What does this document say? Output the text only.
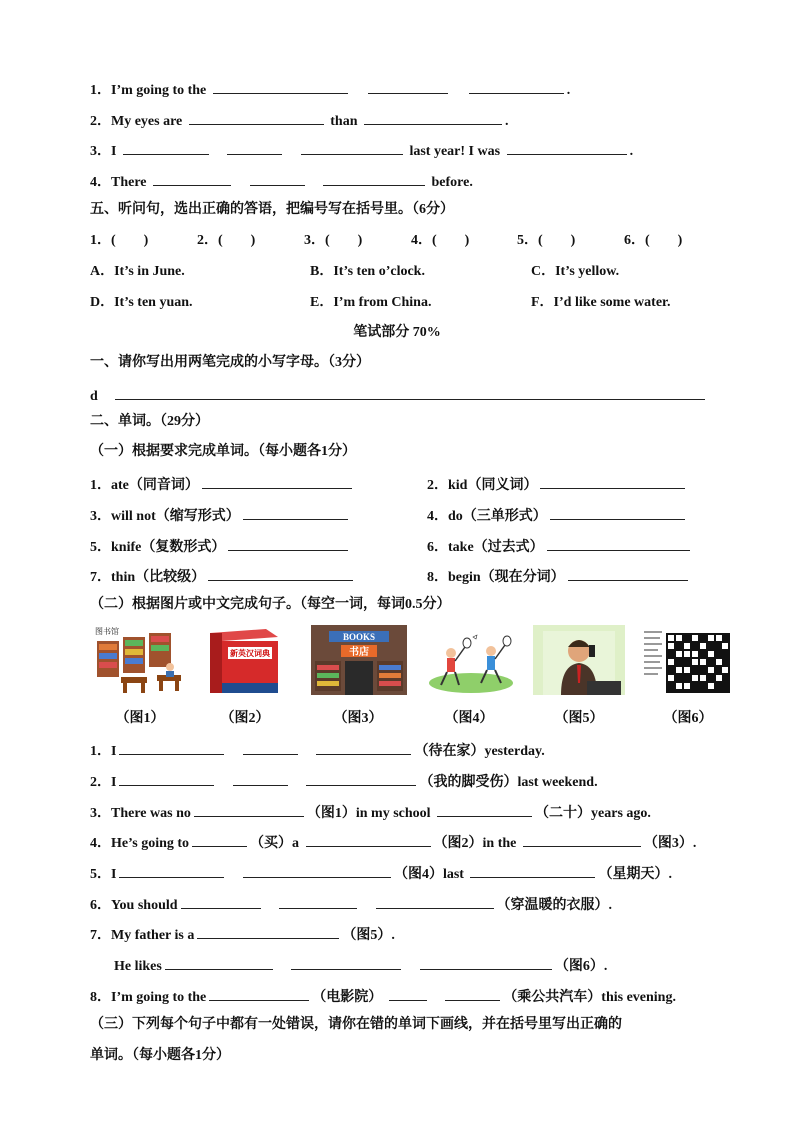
1．I’m going to the	.
2．My eyes are	than	.
3．I	last year! I was	.
4．There	before.
五、听问句，选出正确的答语，把编号写在括号里。（6分）
1．(　　)	2．(　　)	3．(　　)	4．(　　)	5．(　　)	6．(　　)
A．It’s in June.	B．It’s ten o’clock.	C．It’s yellow.
D．It’s ten yuan.	E．I’m from China.	F．I’d like some water.
笔试部分 70%
一、请你写出用两笔完成的小写字母。（3分）
d
二、单词。（29分）
（一）根据要求完成单词。（每小题各1分）
1．ate（同音词）	2．kid（同义词）
3．will not（缩写形式）	4．do（三单形式）
5．knife（复数形式）	6．take（过去式）
7．thin（比较级）	8．begin（现在分词）
（二）根据图片或中文完成句子。（每空一词，每词0.5分）
图书馆
新英汉词典
BOOKS
书店
（图1）	（图2）	（图3）	（图4）	（图5）	（图6）
1．I	（待在家）yesterday.
2．I	（我的脚受伤）last weekend.
3．There was no	（图1）in my school	（二十）years ago.
4．He’s going to	（买）a	（图2）in the	（图3）.
5．I	（图4）last	（星期天）.
6．You should	（穿温暖的衣服）.
7．My father is a	（图5）.
He likes	（图6）.
8．I’m going to the	（电影院）	（乘公共汽车）this evening.
（三）下列每个句子中都有一处错误，请你在错的单词下画线，并在括号里写出正确的
单词。（每小题各1分）
